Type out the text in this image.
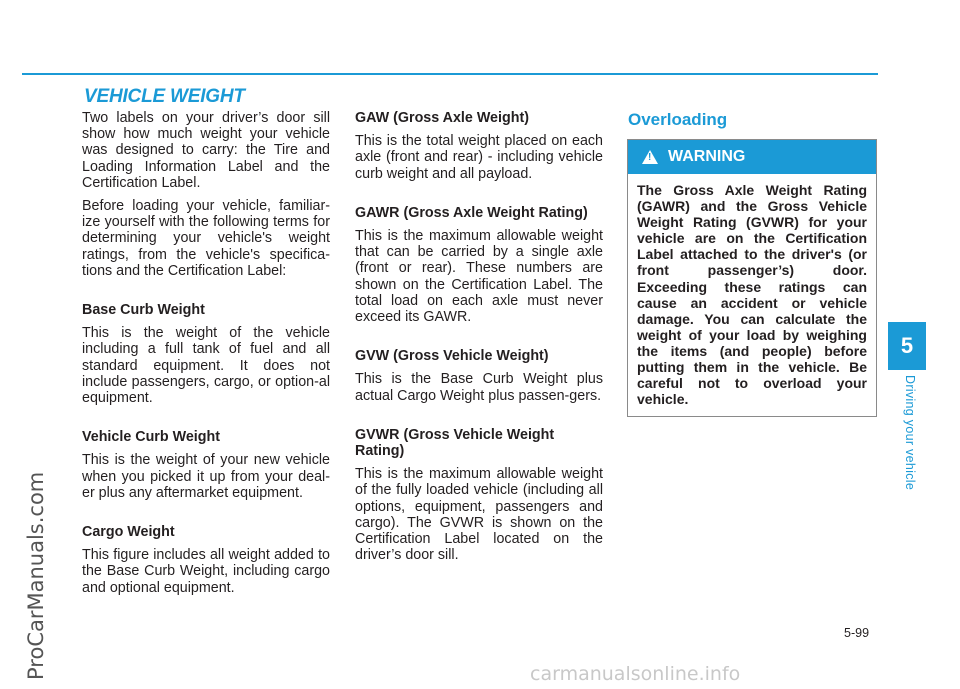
ProCarManuals.com
VEHICLE WEIGHT

Two labels on your driver’s door sill show how much weight your vehicle was designed to carry: the Tire and Loading Information Label and the Certification Label.

Before loading your vehicle, familiar-ize yourself with the following terms for determining your vehicle's weight ratings, from the vehicle's specifica-tions and the Certification Label:

Base Curb Weight

This is the weight of the vehicle including a full tank of fuel and all standard equipment. It does not include passengers, cargo, or option-al equipment.

Vehicle Curb Weight

This is the weight of your new vehicle when you picked it up from your deal-er plus any aftermarket equipment.

Cargo Weight

This figure includes all weight added to the Base Curb Weight, including cargo and optional equipment.

GAW (Gross Axle Weight)

This is the total weight placed on each axle (front and rear) - including vehicle curb weight and all payload.

GAWR (Gross Axle Weight Rating)

This is the maximum allowable weight that can be carried by a single axle (front or rear). These numbers are shown on the Certification Label. The total load on each axle must never exceed its GAWR.

GVW (Gross Vehicle Weight)

This is the Base Curb Weight plus actual Cargo Weight plus passen-gers.

GVWR (Gross Vehicle Weight Rating)

This is the maximum allowable weight of the fully loaded vehicle (including all options, equipment, passengers and cargo). The GVWR is shown on the Certification Label located on the driver’s door sill.

Overloading
!
WARNING

The Gross Axle Weight Rating (GAWR) and the Gross Vehicle Weight Rating (GVWR) for your vehicle are on the Certification Label attached to the driver's (or front passenger’s) door. Exceeding these ratings can cause an accident or vehicle damage. You can calculate the weight of your load by weighing the items (and people) before putting them in the vehicle. Be careful not to overload your vehicle.

5
Driving your vehicle
5-99
carmanualsonline.info
